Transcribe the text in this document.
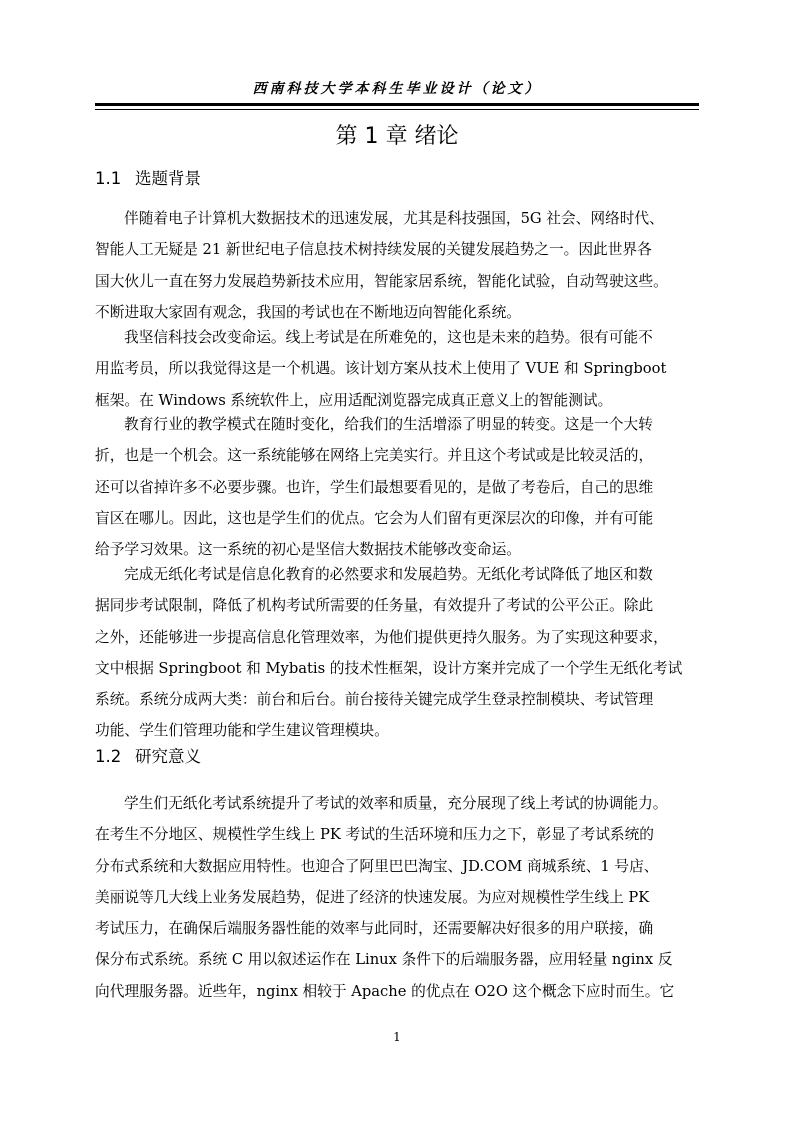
西南科技大学本科生毕业设计（论文）
第 1 章 绪论
1.1 选题背景

伴随着电子计算机大数据技术的迅速发展，尤其是科技强国，5G 社会、网络时代、
智能人工无疑是 21 新世纪电子信息技术树持续发展的关键发展趋势之一。因此世界各
国大伙儿一直在努力发展趋势新技术应用，智能家居系统，智能化试验，自动驾驶这些。
不断进取大家固有观念，我国的考试也在不断地迈向智能化系统。

我坚信科技会改变命运。线上考试是在所难免的，这也是未来的趋势。很有可能不
用监考员，所以我觉得这是一个机遇。该计划方案从技术上使用了 VUE 和 Springboot
框架。在 Windows 系统软件上，应用适配浏览器完成真正意义上的智能测试。

教育行业的教学模式在随时变化，给我们的生活增添了明显的转变。这是一个大转
折，也是一个机会。这一系统能够在网络上完美实行。并且这个考试或是比较灵活的，
还可以省掉许多不必要步骤。也许，学生们最想要看见的，是做了考卷后，自己的思维
盲区在哪儿。因此，这也是学生们的优点。它会为人们留有更深层次的印像，并有可能
给予学习效果。这一系统的初心是坚信大数据技术能够改变命运。

完成无纸化考试是信息化教育的必然要求和发展趋势。无纸化考试降低了地区和数
据同步考试限制，降低了机构考试所需要的任务量，有效提升了考试的公平公正。除此
之外，还能够进一步提高信息化管理效率，为他们提供更持久服务。为了实现这种要求，
文中根据 Springboot 和 Mybatis 的技术性框架，设计方案并完成了一个学生无纸化考试
系统。系统分成两大类：前台和后台。前台接待关键完成学生登录控制模块、考试管理
功能、学生们管理功能和学生建议管理模块。

1.2 研究意义

学生们无纸化考试系统提升了考试的效率和质量，充分展现了线上考试的协调能力。
在考生不分地区、规模性学生线上 PK 考试的生活环境和压力之下，彰显了考试系统的
分布式系统和大数据应用特性。也迎合了阿里巴巴淘宝、JD.COM 商城系统、1 号店、
美丽说等几大线上业务发展趋势，促进了经济的快速发展。为应对规模性学生线上 PK
考试压力，在确保后端服务器性能的效率与此同时，还需要解决好很多的用户联接，确
保分布式系统。系统 C 用以叙述运作在 Linux 条件下的后端服务器，应用轻量 nginx 反
向代理服务器。近些年，nginx 相较于 Apache 的优点在 O2O 这个概念下应时而生。它

1
